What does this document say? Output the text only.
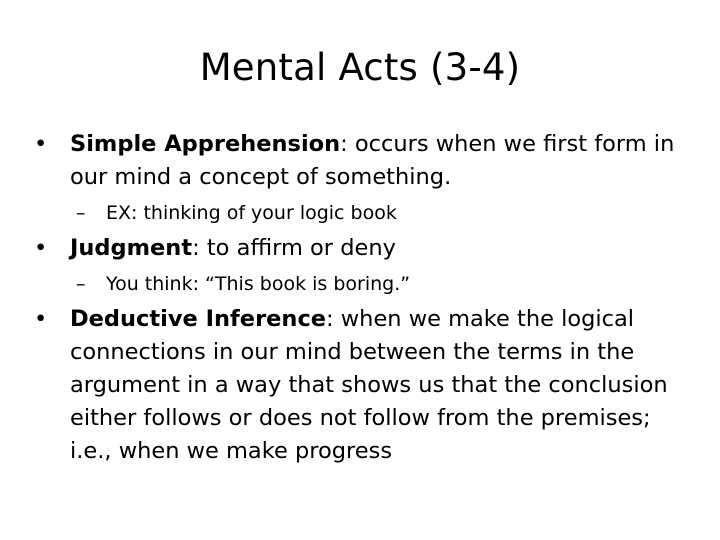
Mental Acts (3-4)

•	Simple Apprehension: occurs when we first form in our mind a concept of something.

– EX: thinking of your logic book

•	Judgment: to affirm or deny

– You think: “This book is boring.”

•	Deductive Inference: when we make the logical connections in our mind between the terms in the argument in a way that shows us that the conclusion either follows or does not follow from the premises; i.e., when we make progress
